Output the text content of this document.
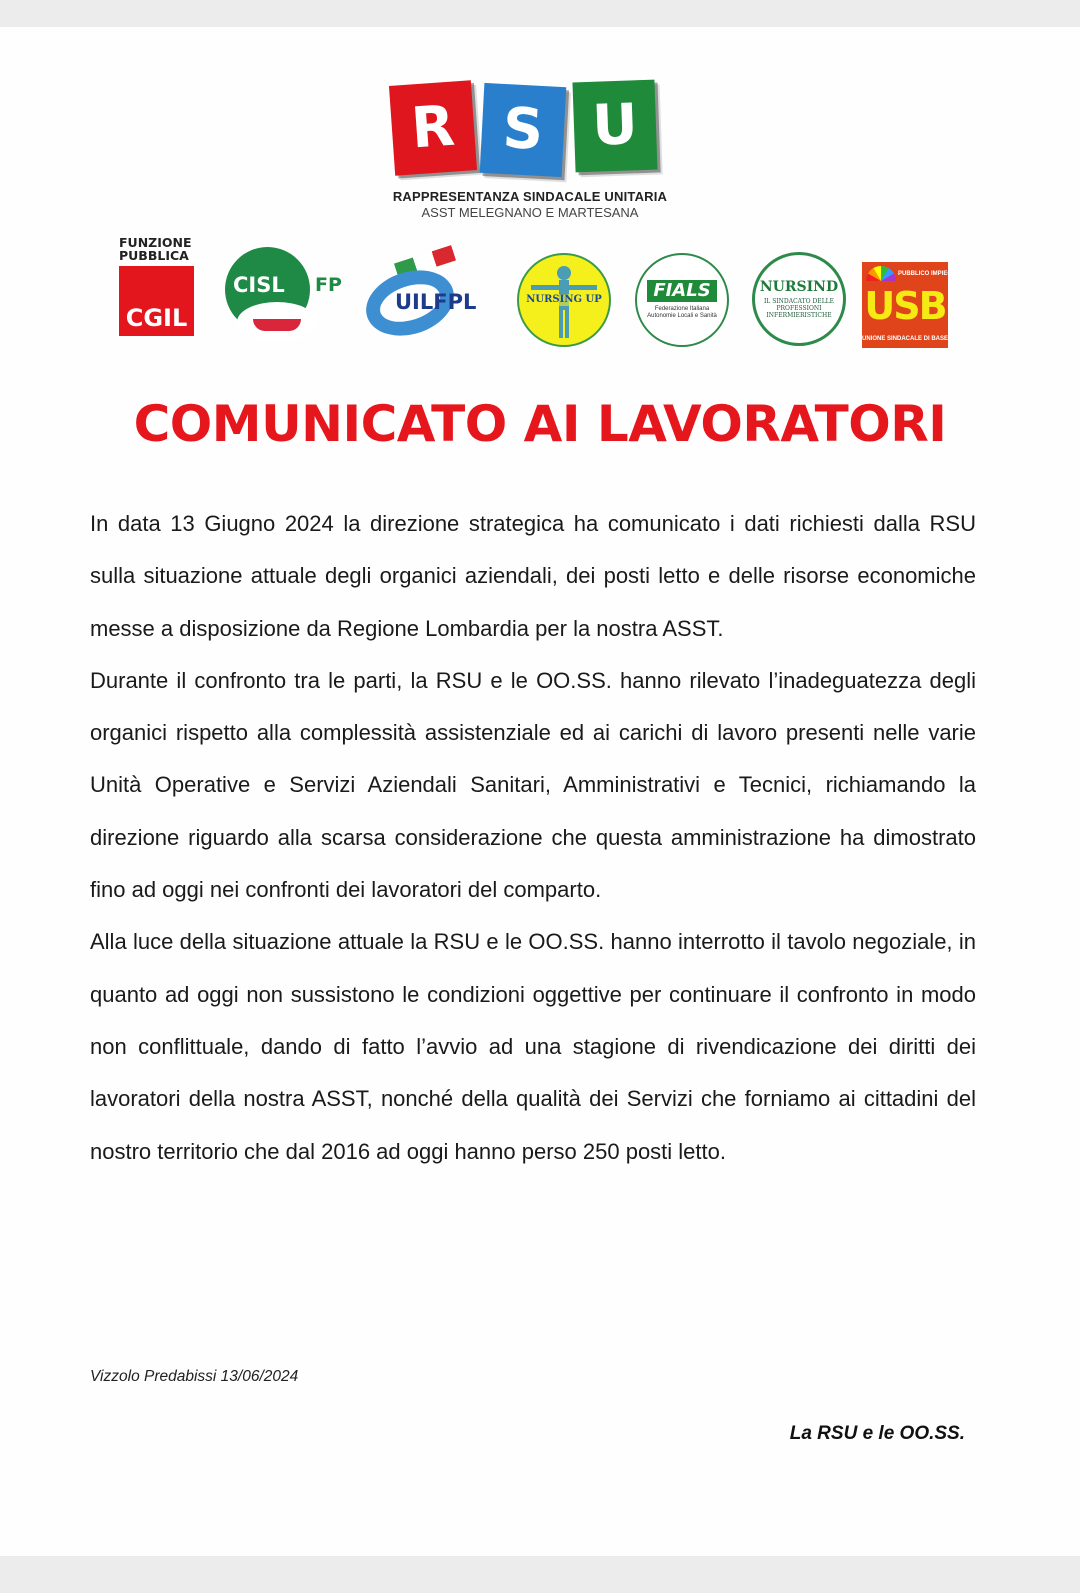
R S U
RAPPRESENTANZA SINDACALE UNITARIA
ASST MELEGNANO E MARTESANA
FUNZIONE
PUBBLICA
CGIL
CISL FP
UILFPL	NURSING UP	FIALS
Federazione Italiana Autonomie Locali e Sanità
NURSIND
IL SINDACATO DELLE PROFESSIONI INFERMIERISTICHE
PUBBLICO IMPIEGO
USB
UNIONE SINDACALE DI BASE
COMUNICATO AI LAVORATORI

In data 13 Giugno 2024 la direzione strategica ha comunicato i dati richiesti dalla RSU sulla situazione attuale degli organici aziendali, dei posti letto e delle risorse economiche messe a disposizione da Regione Lombardia per la nostra ASST.

Durante il confronto tra le parti, la RSU e le OO.SS. hanno rilevato l’inadeguatezza degli organici rispetto alla complessità assistenziale ed ai carichi di lavoro presenti nelle varie Unità Operative e Servizi Aziendali Sanitari, Amministrativi e Tecnici, richiamando la direzione riguardo alla scarsa considerazione che questa amministrazione ha dimostrato fino ad oggi nei confronti dei lavoratori del comparto.

Alla luce della situazione attuale la RSU e le OO.SS. hanno interrotto il tavolo negoziale, in quanto ad oggi non sussistono le condizioni oggettive per continuare il confronto in modo non conflittuale, dando di fatto l’avvio ad una stagione di rivendicazione dei diritti dei lavoratori della nostra ASST, nonché della qualità dei Servizi che forniamo ai cittadini del nostro territorio che dal 2016 ad oggi hanno perso 250 posti letto.

Vizzolo Predabissi 13/06/2024
La RSU e le OO.SS.
